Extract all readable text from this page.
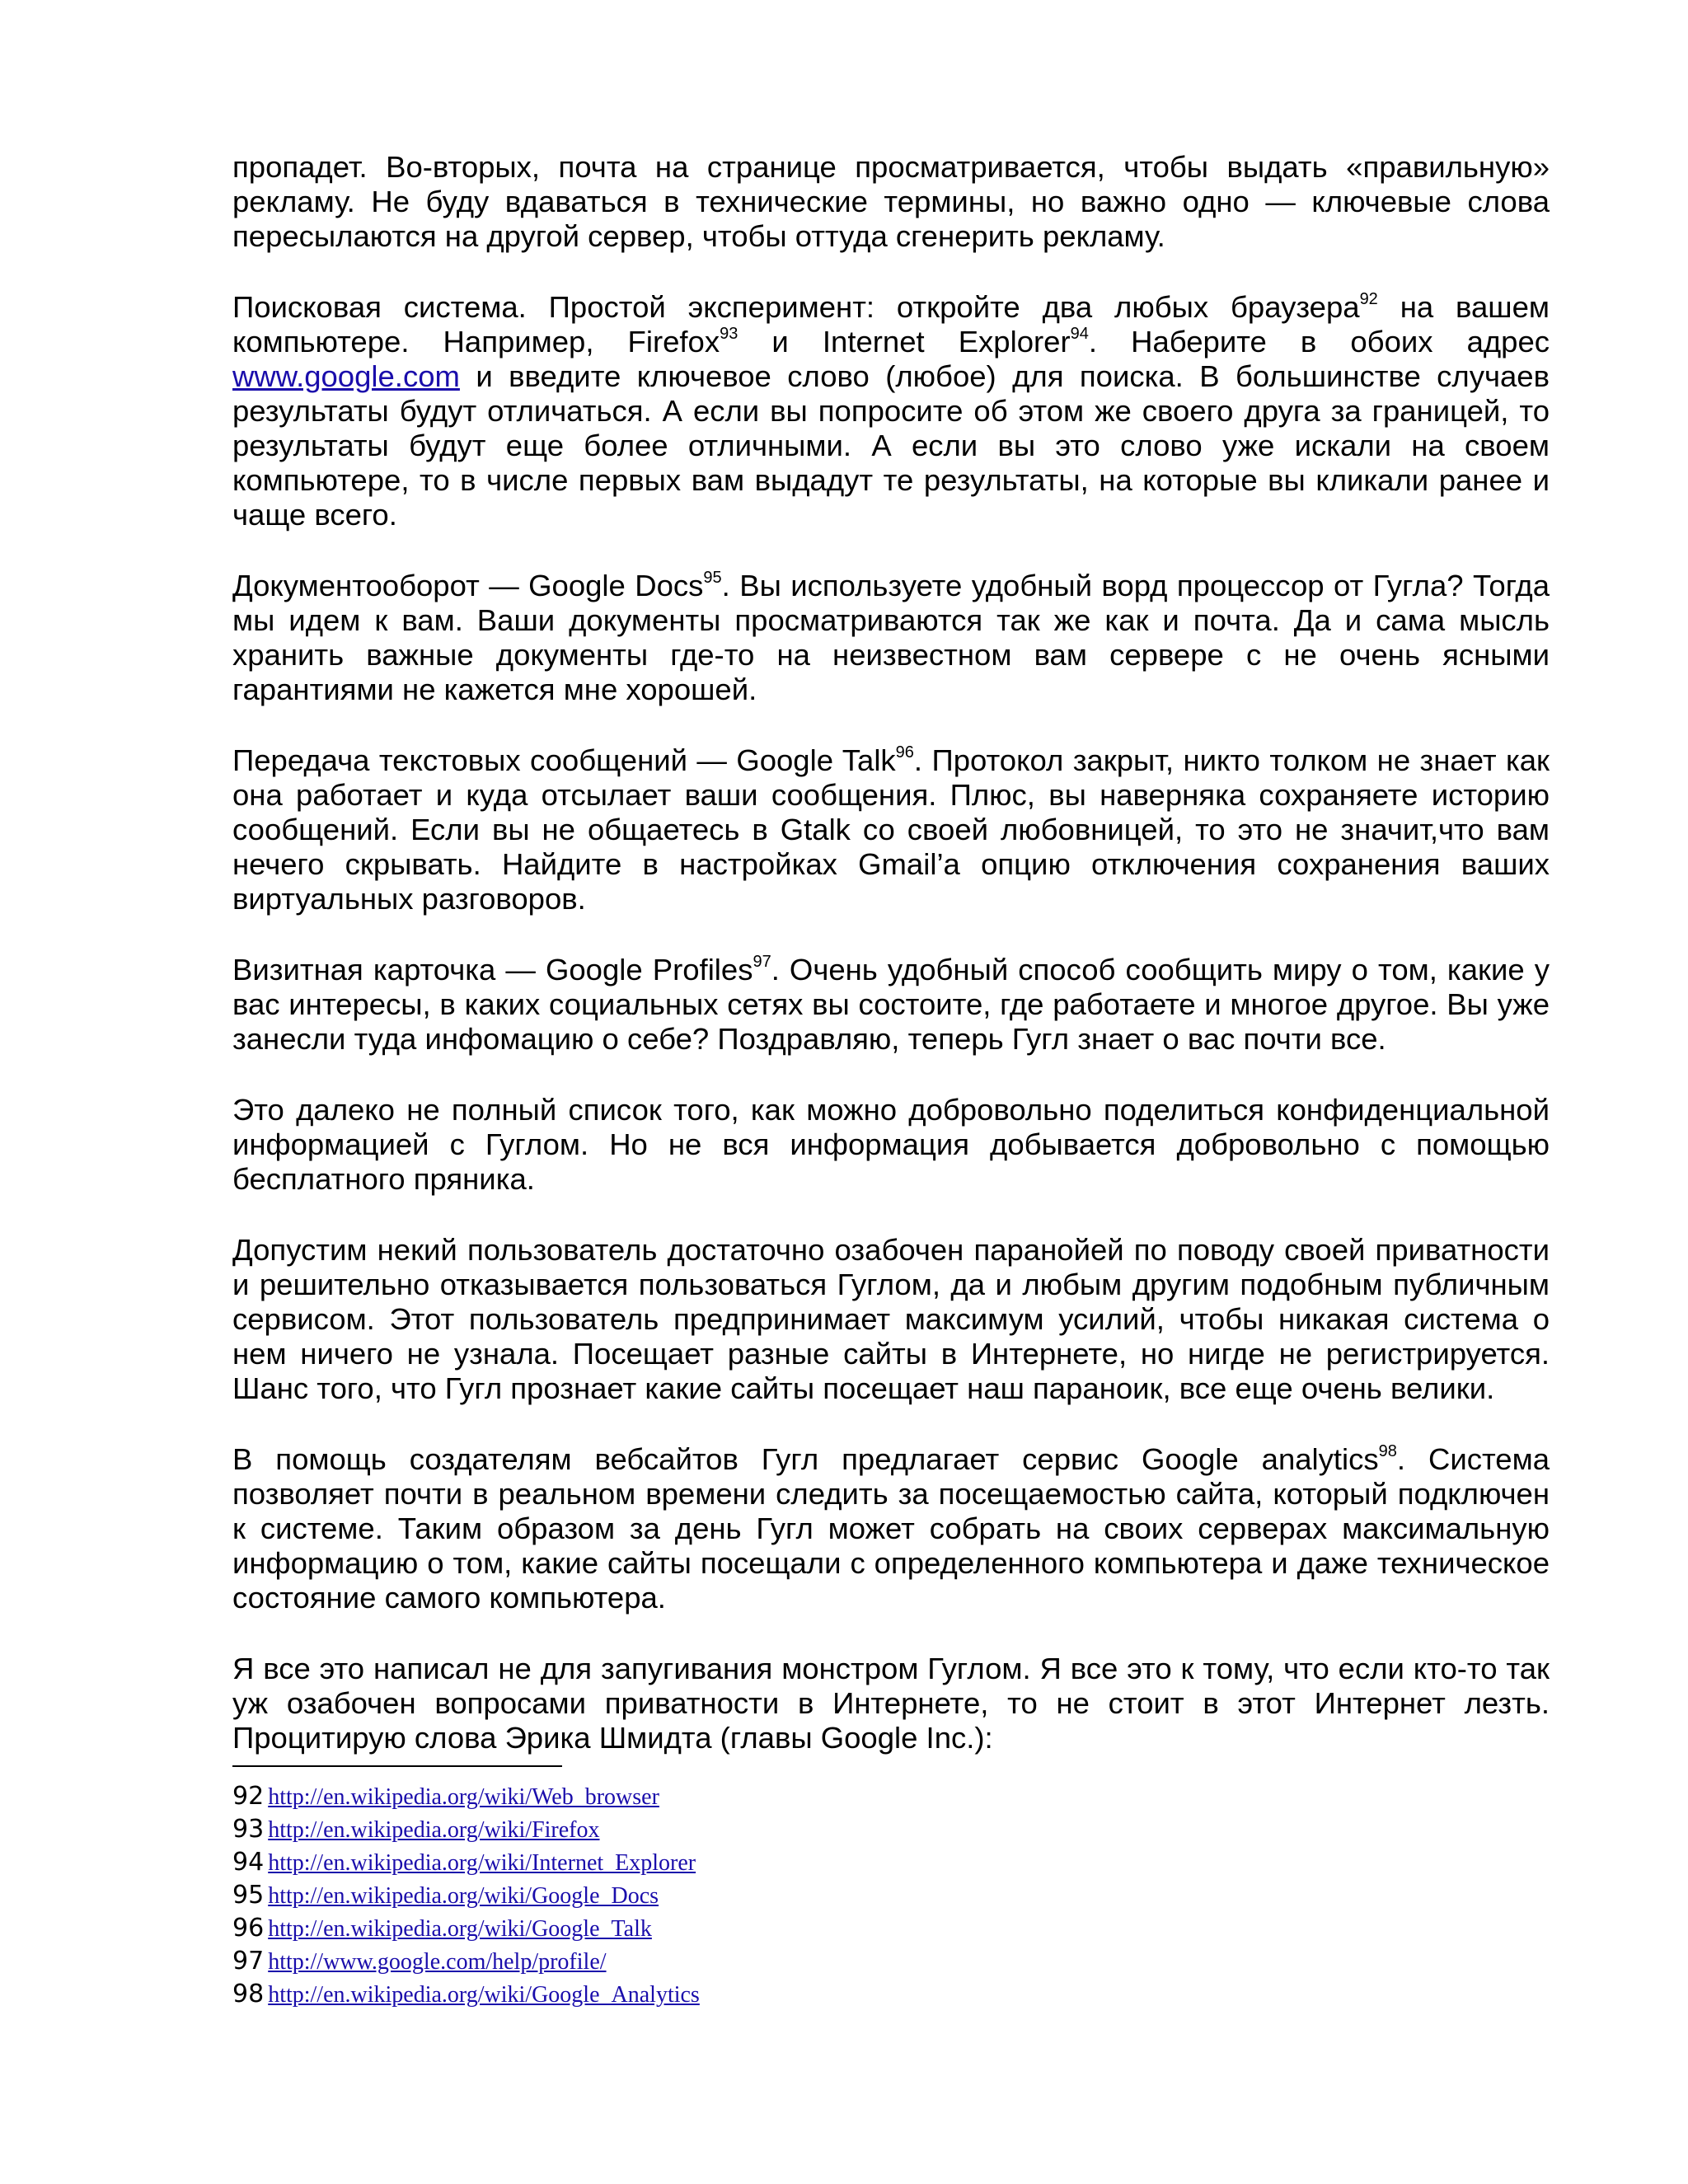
пропадет. Во-вторых, почта на странице просматривается, чтобы выдать «правильную» рекламу. Не буду вдаваться в технические термины, но важно одно — ключевые слова пересылаются на другой сервер, чтобы оттуда сгенерить рекламу.

Поисковая система. Простой эксперимент: откройте два любых браузера$^{92}$ на вашем компьютере. Например, Firefox$^{93}$ и Internet Explorer$^{94}$. Наберите в обоих адрес www.google.com и введите ключевое слово (любое) для поиска. В большинстве случаев результаты будут отличаться. А если вы попросите об этом же своего друга за границей, то результаты будут еще более отличными. А если вы это слово уже искали на своем компьютере, то в числе первых вам выдадут те результаты, на которые вы кликали ранее и чаще всего.

Документооборот — Google Docs$^{95}$. Вы используете удобный ворд процессор от Гугла? Тогда мы идем к вам. Ваши документы просматриваются так же как и почта. Да и сама мысль хранить важные документы где-то на неизвестном вам сервере с не очень ясными гарантиями не кажется мне хорошей.

Передача текстовых сообщений — Google Talk$^{96}$. Протокол закрыт, никто толком не знает как она работает и куда отсылает ваши сообщения. Плюс, вы наверняка сохраняете историю сообщений. Если вы не общаетесь в Gtalk со своей любовницей, то это не значит,что вам нечего скрывать. Найдите в настройках Gmail’a опцию отключения сохранения ваших виртуальных разговоров.

Визитная карточка — Google Profiles$^{97}$. Очень удобный способ сообщить миру о том, какие у вас интересы, в каких социальных сетях вы состоите, где работаете и многое другое. Вы уже занесли туда инфомацию о себе? Поздравляю, теперь Гугл знает о вас почти все.

Это далеко не полный список того, как можно добровольно поделиться конфиденциальной информацией с Гуглом. Но не вся информация добывается добровольно с помощью бесплатного пряника.

Допустим некий пользователь достаточно озабочен паранойей по поводу своей приватности и решительно отказывается пользоваться Гуглом, да и любым другим подобным публичным сервисом. Этот пользователь предпринимает максимум усилий, чтобы никакая система о нем ничего не узнала. Посещает разные сайты в Интернете, но нигде не регистрируется. Шанс того, что Гугл прознает какие сайты посещает наш параноик, все еще очень велики.

В помощь создателям вебсайтов Гугл предлагает сервис Google analytics$^{98}$. Система позволяет почти в реальном времени следить за посещаемостью сайта, который подключен к системе. Таким образом за день Гугл может собрать на своих серверах максимальную информацию о том, какие сайты посещали с определенного компьютера и даже техническое состояние самого компьютера.

Я все это написал не для запугивания монстром Гуглом. Я все это к тому, что если кто-то так уж озабочен вопросами приватности в Интернете, то не стоит в этот Интернет лезть. Процитирую слова Эрика Шмидта (главы Google Inc.):

92 http://en.wikipedia.org/wiki/Web_browser
93 http://en.wikipedia.org/wiki/Firefox
94 http://en.wikipedia.org/wiki/Internet_Explorer
95 http://en.wikipedia.org/wiki/Google_Docs
96 http://en.wikipedia.org/wiki/Google_Talk
97 http://www.google.com/help/profile/
98 http://en.wikipedia.org/wiki/Google_Analytics
